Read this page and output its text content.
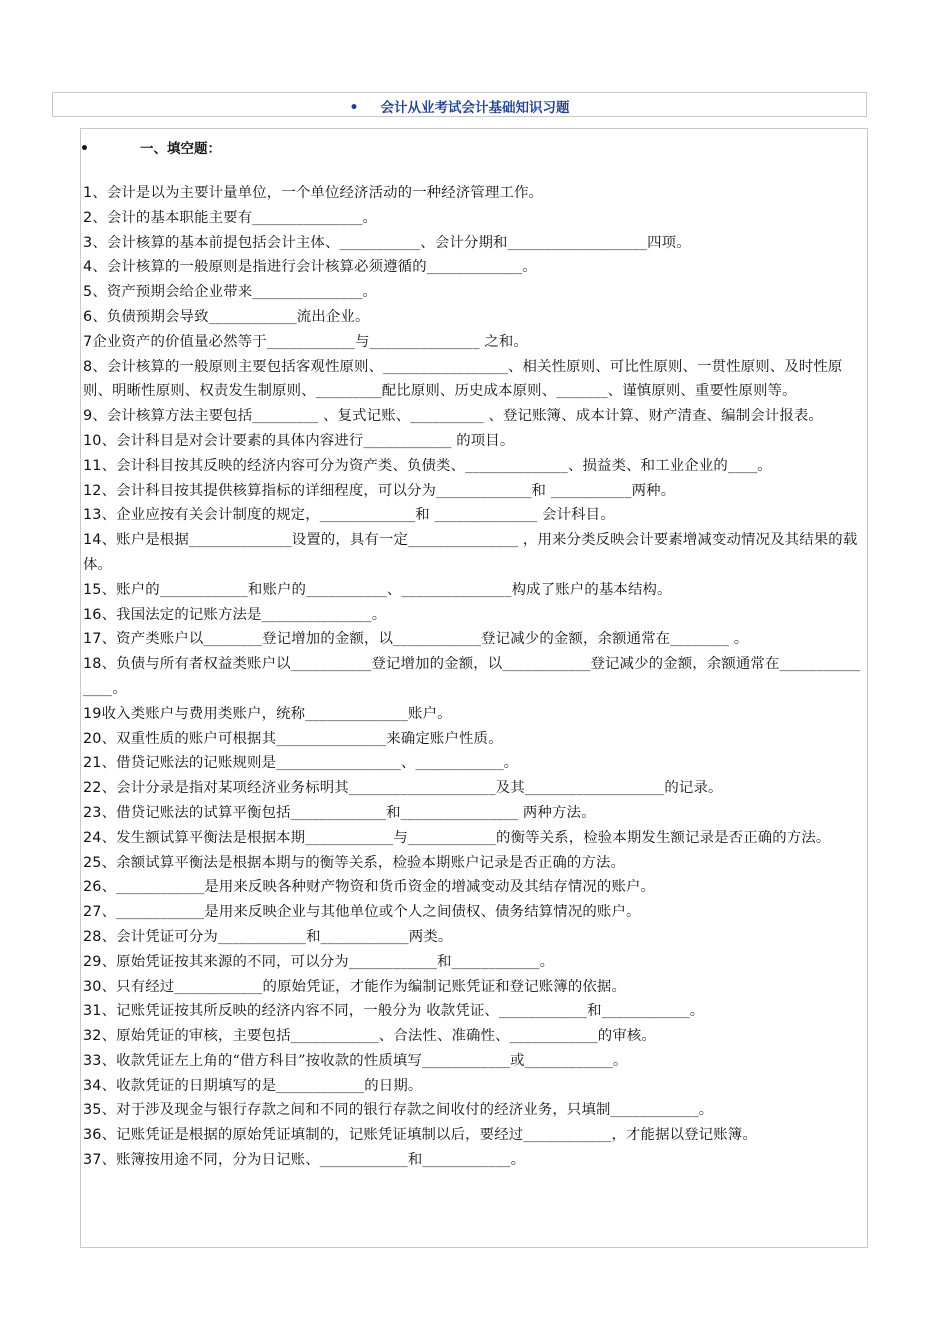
• 会计从业考试会计基础知识习题
•	一、填空题：
1、会计是以为主要计量单位，一个单位经济活动的一种经济管理工作。
2、会计的基本职能主要有_______________。
3、会计核算的基本前提包括会计主体、___________、会计分期和___________________四项。
4、会计核算的一般原则是指进行会计核算必须遵循的_____________。
5、资产预期会给企业带来_______________。
6、负债预期会导致____________流出企业。
7企业资产的价值量必然等于____________与_______________ 之和。
8、会计核算的一般原则主要包括客观性原则、_________________、相关性原则、可比性原则、一贯性原则、及时性原则、明晰性原则、权责发生制原则、_________配比原则、历史成本原则、_______、谨慎原则、重要性原则等。
9、会计核算方法主要包括_________ 、复式记账、__________ 、登记账簿、成本计算、财产清查、编制会计报表。
10、会计科目是对会计要素的具体内容进行____________ 的项目。
11、会计科目按其反映的经济内容可分为资产类、负债类、______________、损益类、和工业企业的____。
12、会计科目按其提供核算指标的详细程度，可以分为_____________和 ___________两种。
13、企业应按有关会计制度的规定，_____________和 ______________ 会计科目。
14、账户是根据______________设置的，具有一定_______________ ，用来分类反映会计要素增减变动情况及其结果的载体。
15、账户的____________和账户的___________、_______________构成了账户的基本结构。
16、我国法定的记账方法是_______________。
17、资产类账户以________登记增加的金额，以____________登记减少的金额，余额通常在________ 。
18、负债与所有者权益类账户以___________登记增加的金额，以____________登记减少的金额，余额通常在_______________。
19收入类账户与费用类账户，统称______________账户。
20、双重性质的账户可根据其_______________来确定账户性质。
21、借贷记账法的记账规则是_________________、____________。
22、会计分录是指对某项经济业务标明其____________________及其___________________的记录。
23、借贷记账法的试算平衡包括_____________和________________ 两种方法。
24、发生额试算平衡法是根据本期____________与____________的衡等关系，检验本期发生额记录是否正确的方法。
25、余额试算平衡法是根据本期与的衡等关系，检验本期账户记录是否正确的方法。
26、____________是用来反映各种财产物资和货币资金的增减变动及其结存情况的账户。
27、____________是用来反映企业与其他单位或个人之间债权、债务结算情况的账户。
28、会计凭证可分为____________和____________两类。
29、原始凭证按其来源的不同，可以分为____________和____________。
30、只有经过____________的原始凭证，才能作为编制记账凭证和登记账簿的依据。
31、记账凭证按其所反映的经济内容不同，一般分为 收款凭证、____________和____________。
32、原始凭证的审核，主要包括____________、合法性、准确性、____________的审核。
33、收款凭证左上角的“借方科目”按收款的性质填写____________或____________。
34、收款凭证的日期填写的是____________的日期。
35、对于涉及现金与银行存款之间和不同的银行存款之间收付的经济业务，只填制____________。
36、记账凭证是根据的原始凭证填制的，记账凭证填制以后，要经过____________，才能据以登记账簿。
37、账簿按用途不同，分为日记账、____________和____________。
